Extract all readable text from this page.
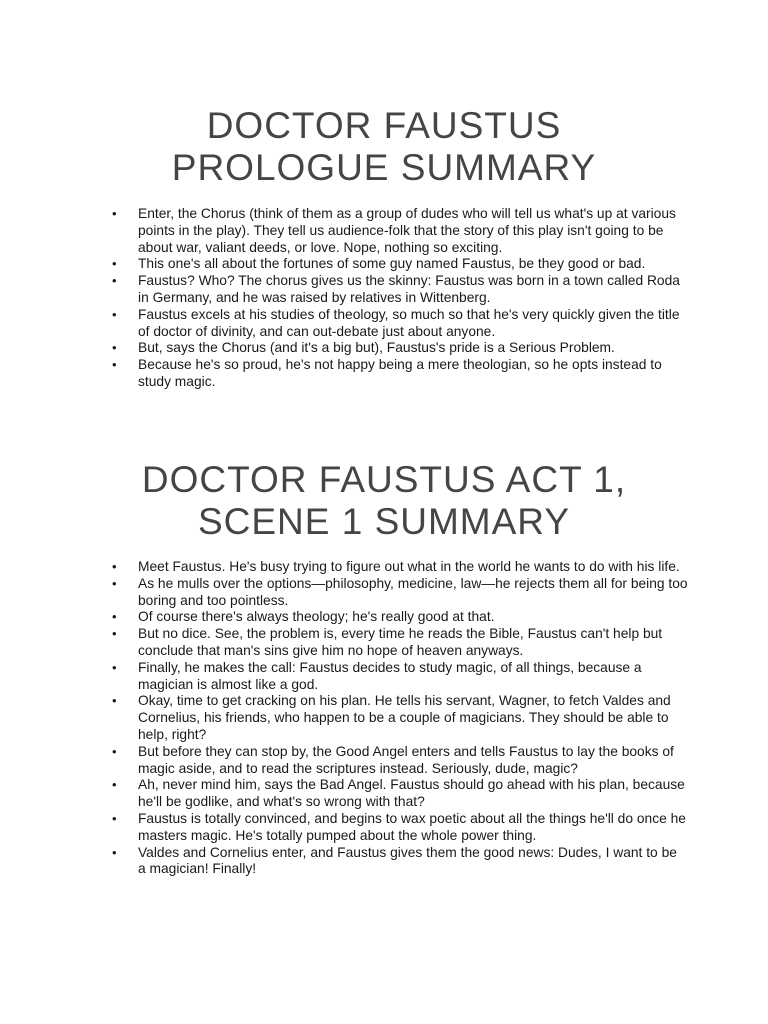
DOCTOR FAUSTUS
PROLOGUE SUMMARY
• Enter, the Chorus (think of them as a group of dudes who will tell us what's up at various points in the play). They tell us audience-folk that the story of this play isn't going to be about war, valiant deeds, or love. Nope, nothing so exciting.
• This one's all about the fortunes of some guy named Faustus, be they good or bad.
• Faustus? Who? The chorus gives us the skinny: Faustus was born in a town called Roda in Germany, and he was raised by relatives in Wittenberg.
• Faustus excels at his studies of theology, so much so that he's very quickly given the title of doctor of divinity, and can out-debate just about anyone.
• But, says the Chorus (and it's a big but), Faustus's pride is a Serious Problem.
• Because he's so proud, he's not happy being a mere theologian, so he opts instead to study magic.
DOCTOR FAUSTUS ACT 1,
SCENE 1 SUMMARY
• Meet Faustus. He's busy trying to figure out what in the world he wants to do with his life.
• As he mulls over the options—philosophy, medicine, law—he rejects them all for being too boring and too pointless.
• Of course there's always theology; he's really good at that.
• But no dice. See, the problem is, every time he reads the Bible, Faustus can't help but conclude that man's sins give him no hope of heaven anyways.
• Finally, he makes the call: Faustus decides to study magic, of all things, because a magician is almost like a god.
• Okay, time to get cracking on his plan. He tells his servant, Wagner, to fetch Valdes and Cornelius, his friends, who happen to be a couple of magicians. They should be able to help, right?
• But before they can stop by, the Good Angel enters and tells Faustus to lay the books of magic aside, and to read the scriptures instead. Seriously, dude, magic?
• Ah, never mind him, says the Bad Angel. Faustus should go ahead with his plan, because he'll be godlike, and what's so wrong with that?
• Faustus is totally convinced, and begins to wax poetic about all the things he'll do once he masters magic. He's totally pumped about the whole power thing.
• Valdes and Cornelius enter, and Faustus gives them the good news: Dudes, I want to be a magician! Finally!
